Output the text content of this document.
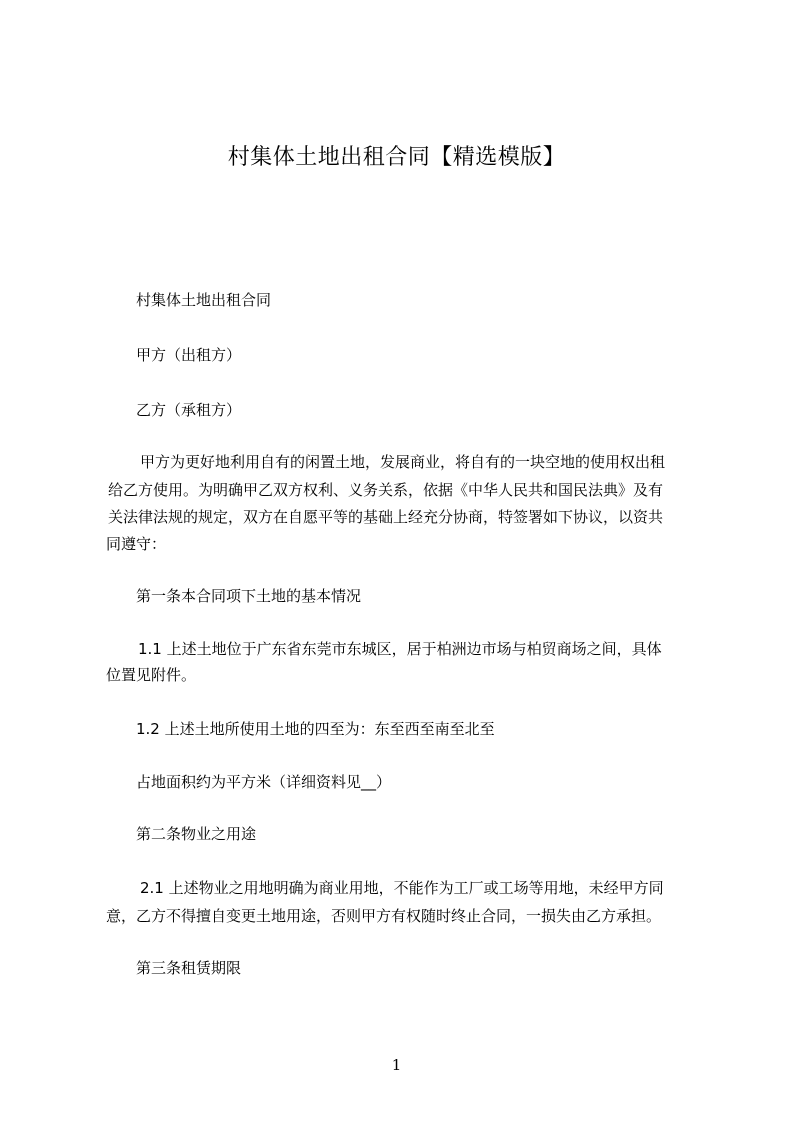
村集体土地出租合同【精选模版】
村集体土地出租合同
甲方（出租方）
乙方（承租方）
甲方为更好地利用自有的闲置土地，发展商业，将自有的一块空地的使用权出租
给乙方使用。为明确甲乙双方权利、义务关系，依据《中华人民共和国民法典》及有
关法律法规的规定，双方在自愿平等的基础上经充分协商，特签署如下协议，以资共
同遵守：
第一条本合同项下土地的基本情况
1.1 上述土地位于广东省东莞市东城区，居于柏洲边市场与柏贸商场之间，具体
位置见附件。
1.2 上述土地所使用土地的四至为：东至西至南至北至
占地面积约为平方米（详细资料见__）
第二条物业之用途
2.1 上述物业之用地明确为商业用地，不能作为工厂或工场等用地，未经甲方同
意，乙方不得擅自变更土地用途，否则甲方有权随时终止合同，一损失由乙方承担。
第三条租赁期限
1
